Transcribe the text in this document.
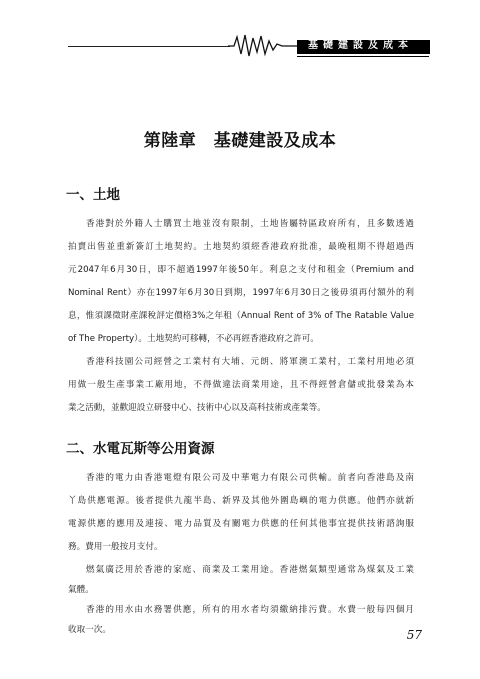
基礎建設及成本
第陸章　基礎建設及成本
一、土地
香港對於外籍人士購買土地並沒有限制，土地皆屬特區政府所有，且多數透過
拍賣出售並重新簽訂土地契約。土地契約須經香港政府批准，最晚租期不得超過西
元2047年6月30日，即不超過1997年後50年。利息之支付和租金（Premium and
Nominal Rent）亦在1997年6月30日到期，1997年6月30日之後毋須再付額外的利
息，惟須課徵財產課稅評定價格3%之年租（Annual Rent of 3% of The Ratable Value
of The Property）。土地契約可移轉，不必再經香港政府之許可。
香港科技園公司經營之工業村有大埔、元朗、將軍澳工業村，工業村用地必須
用做一般生產事業工廠用地，不得做違法商業用途，且不得經營倉儲或批發業為本
業之活動，並歡迎設立研發中心、技術中心以及高科技術或產業等。
二、水電瓦斯等公用資源
香港的電力由香港電燈有限公司及中華電力有限公司供輸。前者向香港島及南
丫島供應電源。後者提供九龍半島、新界及其他外圍島嶼的電力供應。他們亦就新
電源供應的應用及連接、電力品質及有關電力供應的任何其他事宜提供技術諮詢服
務。費用一般按月支付。
燃氣廣泛用於香港的家庭、商業及工業用途。香港燃氣類型通常為煤氣及工業
氣體。
香港的用水由水務署供應，所有的用水者均須繳納排污費。水費一般每四個月
收取一次。	57
